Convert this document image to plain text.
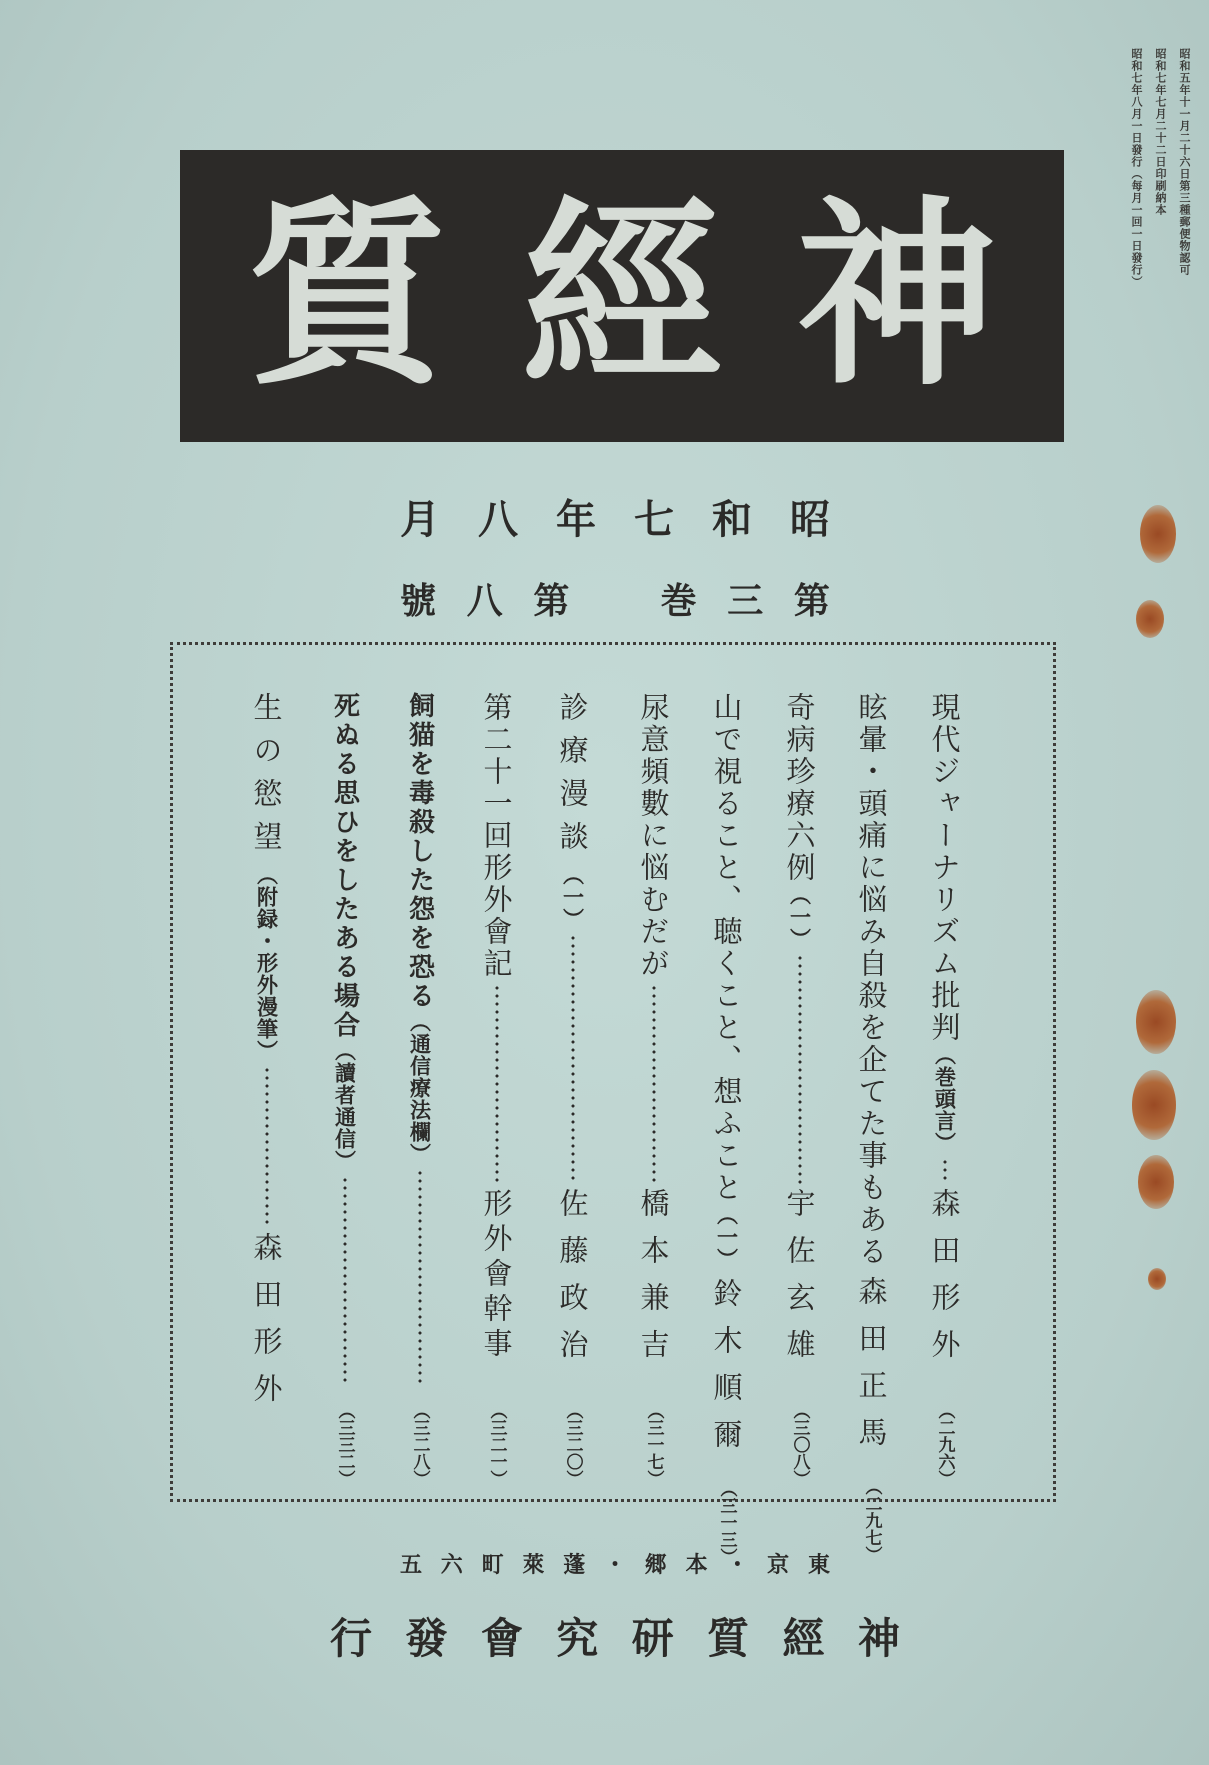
昭和五年十一月二十六日第三種郵便物認可
昭和七年七月二十二日印刷納本
昭和七年八月一日發行（每月一回一日發行）
質 經 神
月 八 年 七 和 昭
號 八 第	巻 三 第
現代ジャーナリズム批判（巻頭言）
森田形外
（二九六）
眩暈・頭痛に悩み自殺を企てた事もある
森田正馬
（二九七）
奇病珍療六例（一）
宇佐玄雄
（三〇八）
山で視ること、聴くこと、想ふこと（一）
鈴木順爾
（三一三）
尿意頻數に悩むだが
橋本兼吉
（三一七）
診療漫談（一）
佐藤政治
（三二〇）
第二十一回形外會記
形外會幹事
（三二一）
飼猫を毒殺した怨を恐る（通信療法欄）
（三二八）
死ぬる思ひをしたある場合（讀者通信）
（三三二）
生の慾望（附録・形外漫筆）
森田形外
五 六 町 萊 蓬 ・ 郷 本 ・ 京 東
行 發 會 究 研 質 經 神
